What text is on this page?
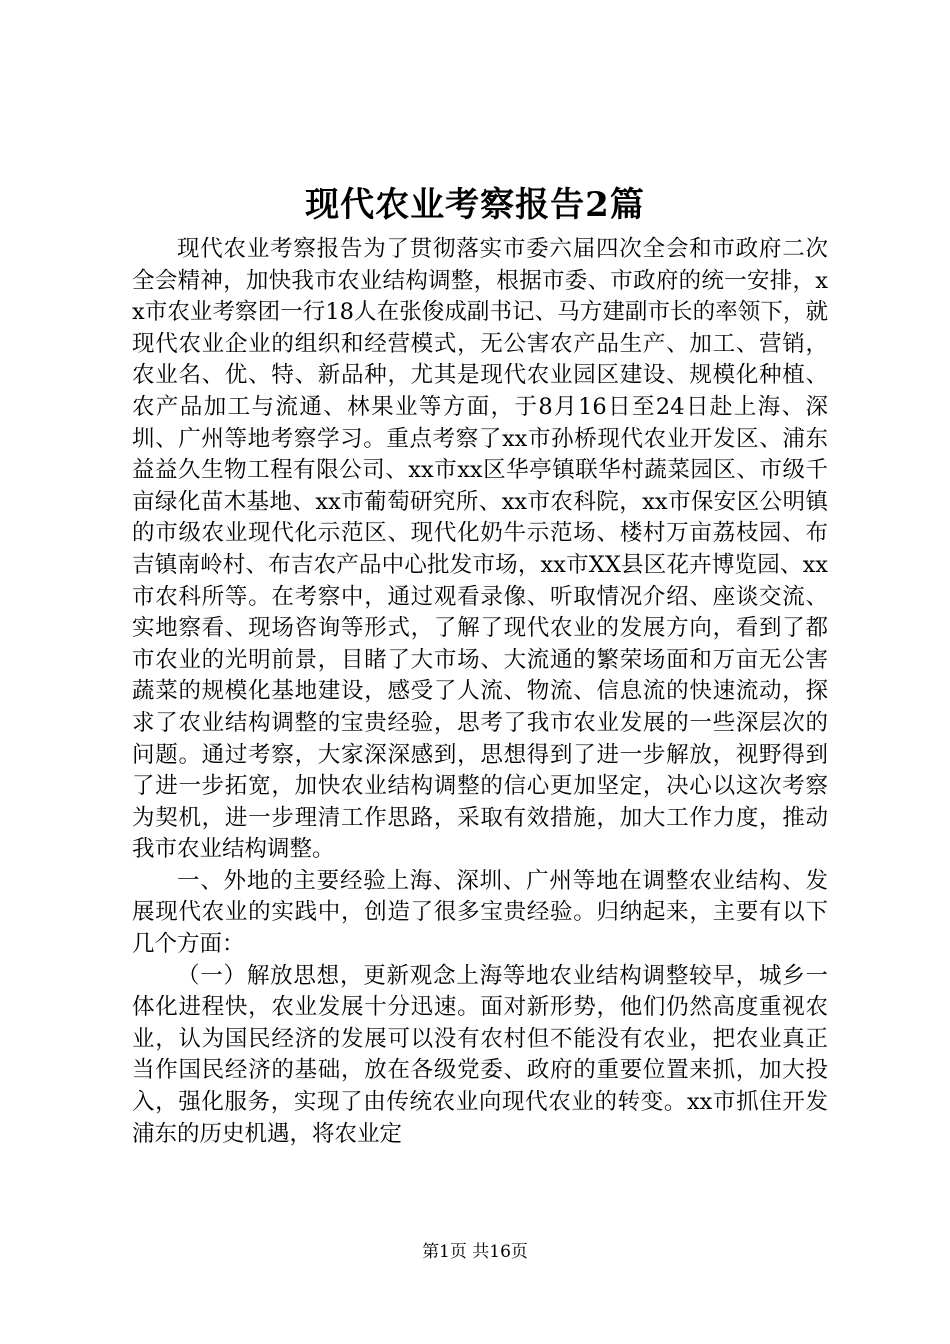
现代农业考察报告2篇

现代农业考察报告为了贯彻落实市委六届四次全会和市政府二次全会精神，加快我市农业结构调整，根据市委、市政府的统一安排，xx市农业考察团一行18人在张俊成副书记、马方建副市长的率领下，就现代农业企业的组织和经营模式，无公害农产品生产、加工、营销，农业名、优、特、新品种，尤其是现代农业园区建设、规模化种植、农产品加工与流通、林果业等方面，于8月16日至24日赴上海、深圳、广州等地考察学习。重点考察了xx市孙桥现代农业开发区、浦东益益久生物工程有限公司、xx市xx区华亭镇联华村蔬菜园区、市级千亩绿化苗木基地、xx市葡萄研究所、xx市农科院，xx市保安区公明镇的市级农业现代化示范区、现代化奶牛示范场、楼村万亩荔枝园、布吉镇南岭村、布吉农产品中心批发市场，xx市XX县区花卉博览园、xx市农科所等。在考察中，通过观看录像、听取情况介绍、座谈交流、实地察看、现场咨询等形式，了解了现代农业的发展方向，看到了都市农业的光明前景，目睹了大市场、大流通的繁荣场面和万亩无公害蔬菜的规模化基地建设，感受了人流、物流、信息流的快速流动，探求了农业结构调整的宝贵经验，思考了我市农业发展的一些深层次的问题。通过考察，大家深深感到，思想得到了进一步解放，视野得到了进一步拓宽，加快农业结构调整的信心更加坚定，决心以这次考察为契机，进一步理清工作思路，采取有效措施，加大工作力度，推动我市农业结构调整。

一、外地的主要经验上海、深圳、广州等地在调整农业结构、发展现代农业的实践中，创造了很多宝贵经验。归纳起来，主要有以下几个方面：

（一）解放思想，更新观念上海等地农业结构调整较早，城乡一体化进程快，农业发展十分迅速。面对新形势，他们仍然高度重视农业，认为国民经济的发展可以没有农村但不能没有农业，把农业真正当作国民经济的基础，放在各级党委、政府的重要位置来抓，加大投入，强化服务，实现了由传统农业向现代农业的转变。xx市抓住开发浦东的历史机遇，将农业定

第1页 共16页
